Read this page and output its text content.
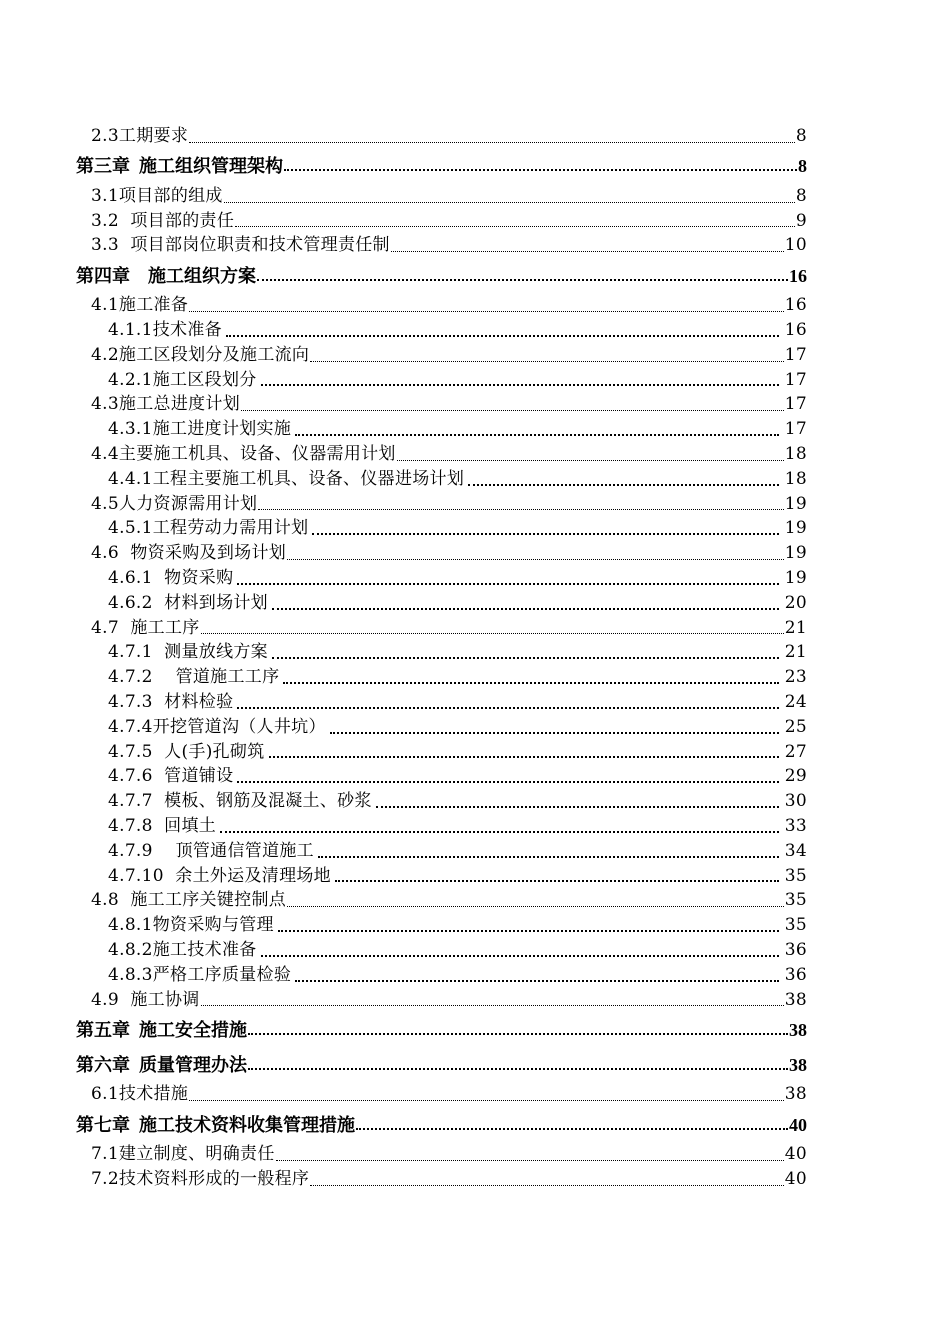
2.3工期要求	8
第三章  施工组织管理架构	8
3.1项目部的组成	8
3.2  项目部的责任	9
3.3  项目部岗位职责和技术管理责任制	10
第四章    施工组织方案	16
4.1施工准备	16
4.1.1技术准备	16
4.2施工区段划分及施工流向	17
4.2.1施工区段划分	17
4.3施工总进度计划	17
4.3.1施工进度计划实施	17
4.4主要施工机具、设备、仪器需用计划	18
4.4.1工程主要施工机具、设备、仪器进场计划	18
4.5人力资源需用计划	19
4.5.1工程劳动力需用计划	19
4.6  物资采购及到场计划	19
4.6.1  物资采购	19
4.6.2  材料到场计划	20
4.7  施工工序	21
4.7.1  测量放线方案	21
4.7.2    管道施工工序	23
4.7.3  材料检验	24
4.7.4开挖管道沟（人井坑）	25
4.7.5  人(手)孔砌筑	27
4.7.6  管道铺设	29
4.7.7  模板、钢筋及混凝土、砂浆	30
4.7.8  回填土	33
4.7.9    顶管通信管道施工	34
4.7.10  余土外运及清理场地	35
4.8  施工工序关键控制点	35
4.8.1物资采购与管理	35
4.8.2施工技术准备	36
4.8.3严格工序质量检验	36
4.9  施工协调	38
第五章  施工安全措施	38
第六章  质量管理办法	38
6.1技术措施	38
第七章  施工技术资料收集管理措施	40
7.1建立制度、明确责任	40
7.2技术资料形成的一般程序	40
